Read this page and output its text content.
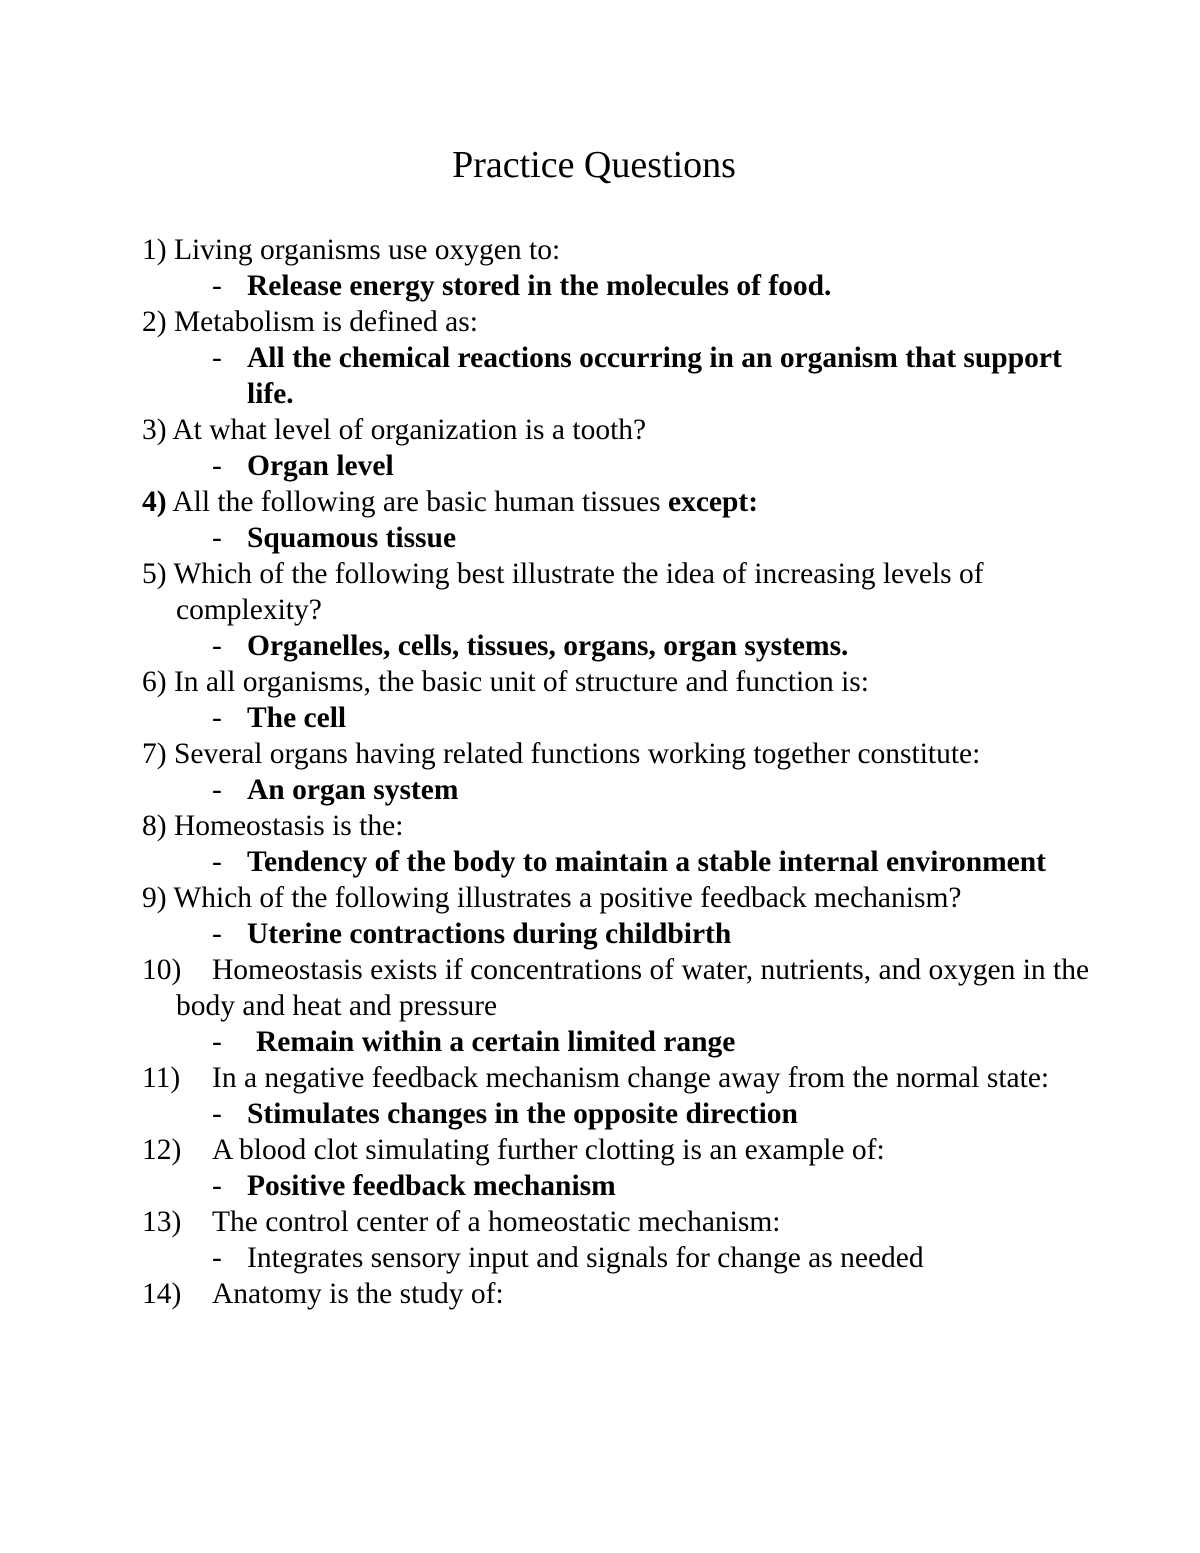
Practice Questions
1) Living organisms use oxygen to:
- Release energy stored in the molecules of food.
2) Metabolism is defined as:
- All the chemical reactions occurring in an organism that support life.
3) At what level of organization is a tooth?
- Organ level
4) All the following are basic human tissues except:
- Squamous tissue
5) Which of the following best illustrate the idea of increasing levels of complexity?
- Organelles, cells, tissues, organs, organ systems.
6) In all organisms, the basic unit of structure and function is:
- The cell
7) Several organs having related functions working together constitute:
- An organ system
8) Homeostasis is the:
- Tendency of the body to maintain a stable internal environment
9) Which of the following illustrates a positive feedback mechanism?
- Uterine contractions during childbirth
10) Homeostasis exists if concentrations of water, nutrients, and oxygen in the body and heat and pressure
- Remain within a certain limited range
11) In a negative feedback mechanism change away from the normal state:
- Stimulates changes in the opposite direction
12) A blood clot simulating further clotting is an example of:
- Positive feedback mechanism
13) The control center of a homeostatic mechanism:
- Integrates sensory input and signals for change as needed
14) Anatomy is the study of:
